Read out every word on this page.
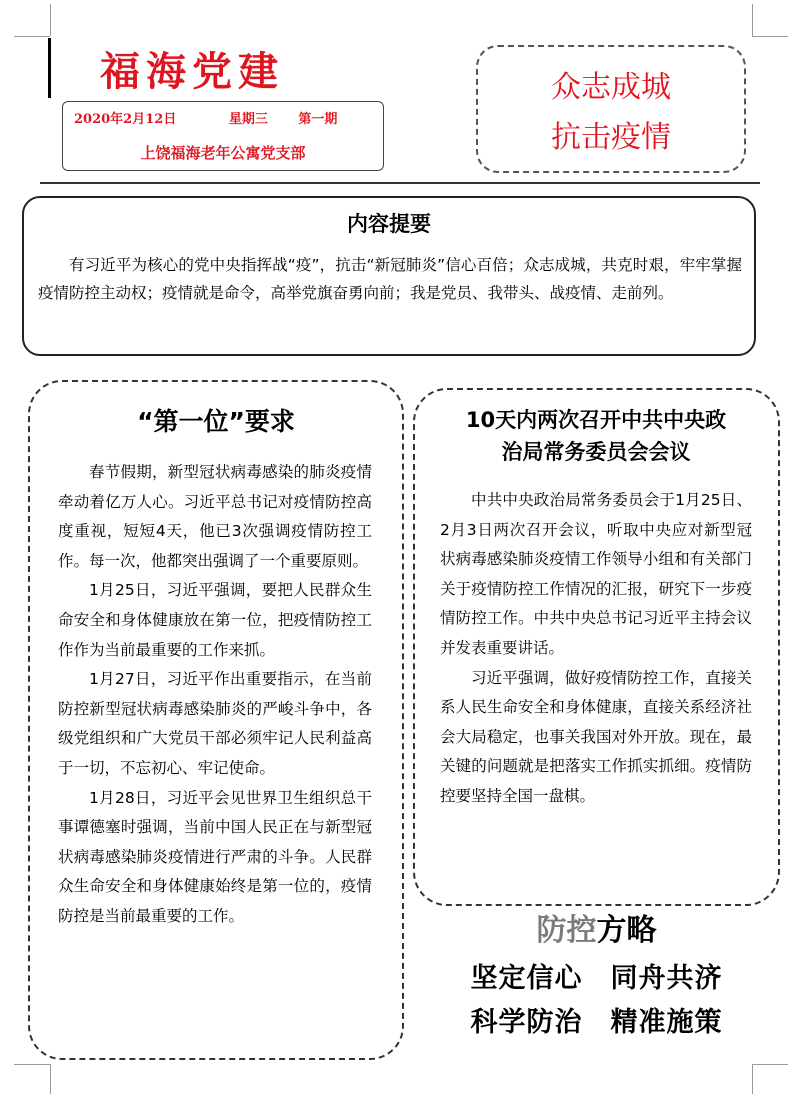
福海党建
2020年2月12日	星期三 第一期
上饶福海老年公寓党支部
众志成城
抗击疫情
内容提要
有习近平为核心的党中央指挥战“疫”，抗击“新冠肺炎”信心百倍；众志成城，共克时艰，牢牢掌握疫情防控主动权；疫情就是命令，高举党旗奋勇向前；我是党员、我带头、战疫情、走前列。
“第一位”要求

春节假期，新型冠状病毒感染的肺炎疫情牵动着亿万人心。习近平总书记对疫情防控高度重视，短短4天，他已3次强调疫情防控工作。每一次，他都突出强调了一个重要原则。

1月25日，习近平强调，要把人民群众生命安全和身体健康放在第一位，把疫情防控工作作为当前最重要的工作来抓。

1月27日，习近平作出重要指示，在当前 防控新型冠状病毒感染肺炎的严峻斗争中，各级党组织和广大党员干部必须牢记人民利益高于一切，不忘初心、牢记使命。

1月28日，习近平会见世界卫生组织总干事谭德塞时强调，当前中国人民正在与新型冠状病毒感染肺炎疫情进行严肃的斗争。人民群众生命安全和身体健康始终是第一位的，疫情防控是当前最重要的工作。

10天内两次召开中共中央政
治局常务委员会会议

中共中央政治局常务委员会于1月25日、2月3日两次召开会议，听取中央应对新型冠状病毒感染肺炎疫情工作领导小组和有关部门关于疫情防控工作情况的汇报，研究下一步疫情防控工作。中共中央总书记习近平主持会议并发表重要讲话。

习近平强调，做好疫情防控工作，直接关系人民生命安全和身体健康，直接关系经济社会大局稳定，也事关我国对外开放。现在，最关键的问题就是把落实工作抓实抓细。疫情防控要坚持全国一盘棋。

防控方略
坚定信心 同舟共济
科学防治 精准施策
